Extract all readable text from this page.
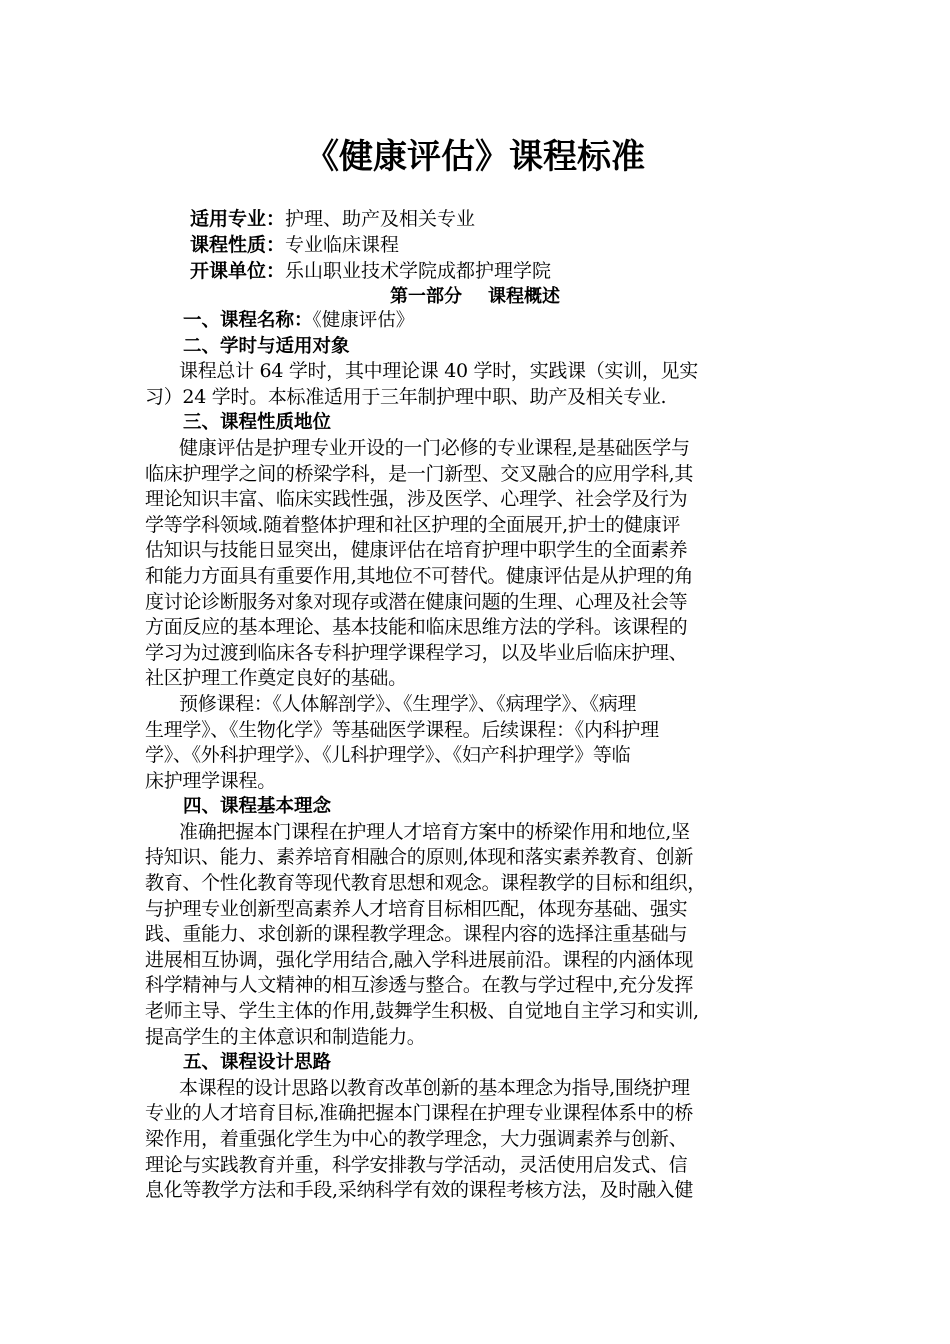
《健康评估》课程标准
适用专业：护理、助产及相关专业
课程性质：专业临床课程
开课单位：乐山职业技术学院成都护理学院
第一部分 课程概述
一、课程名称：《健康评估》
二、学时与适用对象
课程总计 64 学时，其中理论课 40 学时，实践课（实训，见实
习）24 学时。本标准适用于三年制护理中职、助产及相关专业.
三、课程性质地位
健康评估是护理专业开设的一门必修的专业课程,是基础医学与
临床护理学之间的桥梁学科，是一门新型、交叉融合的应用学科,其
理论知识丰富、临床实践性强，涉及医学、心理学、社会学及行为
学等学科领域.随着整体护理和社区护理的全面展开,护士的健康评
估知识与技能日显突出，健康评估在培育护理中职学生的全面素养
和能力方面具有重要作用,其地位不可替代。健康评估是从护理的角
度讨论诊断服务对象对现存或潜在健康问题的生理、心理及社会等
方面反应的基本理论、基本技能和临床思维方法的学科。该课程的
学习为过渡到临床各专科护理学课程学习，以及毕业后临床护理、
社区护理工作奠定良好的基础。
预修课程：《人体解剖学》、《生理学》、《病理学》、《病理
生理学》、《生物化学》等基础医学课程。后续课程：《内科护理
学》、《外科护理学》、《儿科护理学》、《妇产科护理学》等临
床护理学课程。
四、课程基本理念
准确把握本门课程在护理人才培育方案中的桥梁作用和地位,坚
持知识、能力、素养培育相融合的原则,体现和落实素养教育、创新
教育、个性化教育等现代教育思想和观念。课程教学的目标和组织，
与护理专业创新型高素养人才培育目标相匹配，体现夯基础、强实
践、重能力、求创新的课程教学理念。课程内容的选择注重基础与
进展相互协调，强化学用结合,融入学科进展前沿。课程的内涵体现
科学精神与人文精神的相互渗透与整合。在教与学过程中,充分发挥
老师主导、学生主体的作用,鼓舞学生积极、自觉地自主学习和实训,
提高学生的主体意识和制造能力。
五、课程设计思路
本课程的设计思路以教育改革创新的基本理念为指导,围绕护理
专业的人才培育目标,准确把握本门课程在护理专业课程体系中的桥
梁作用，着重强化学生为中心的教学理念，大力强调素养与创新、
理论与实践教育并重，科学安排教与学活动，灵活使用启发式、信
息化等教学方法和手段,采纳科学有效的课程考核方法，及时融入健
